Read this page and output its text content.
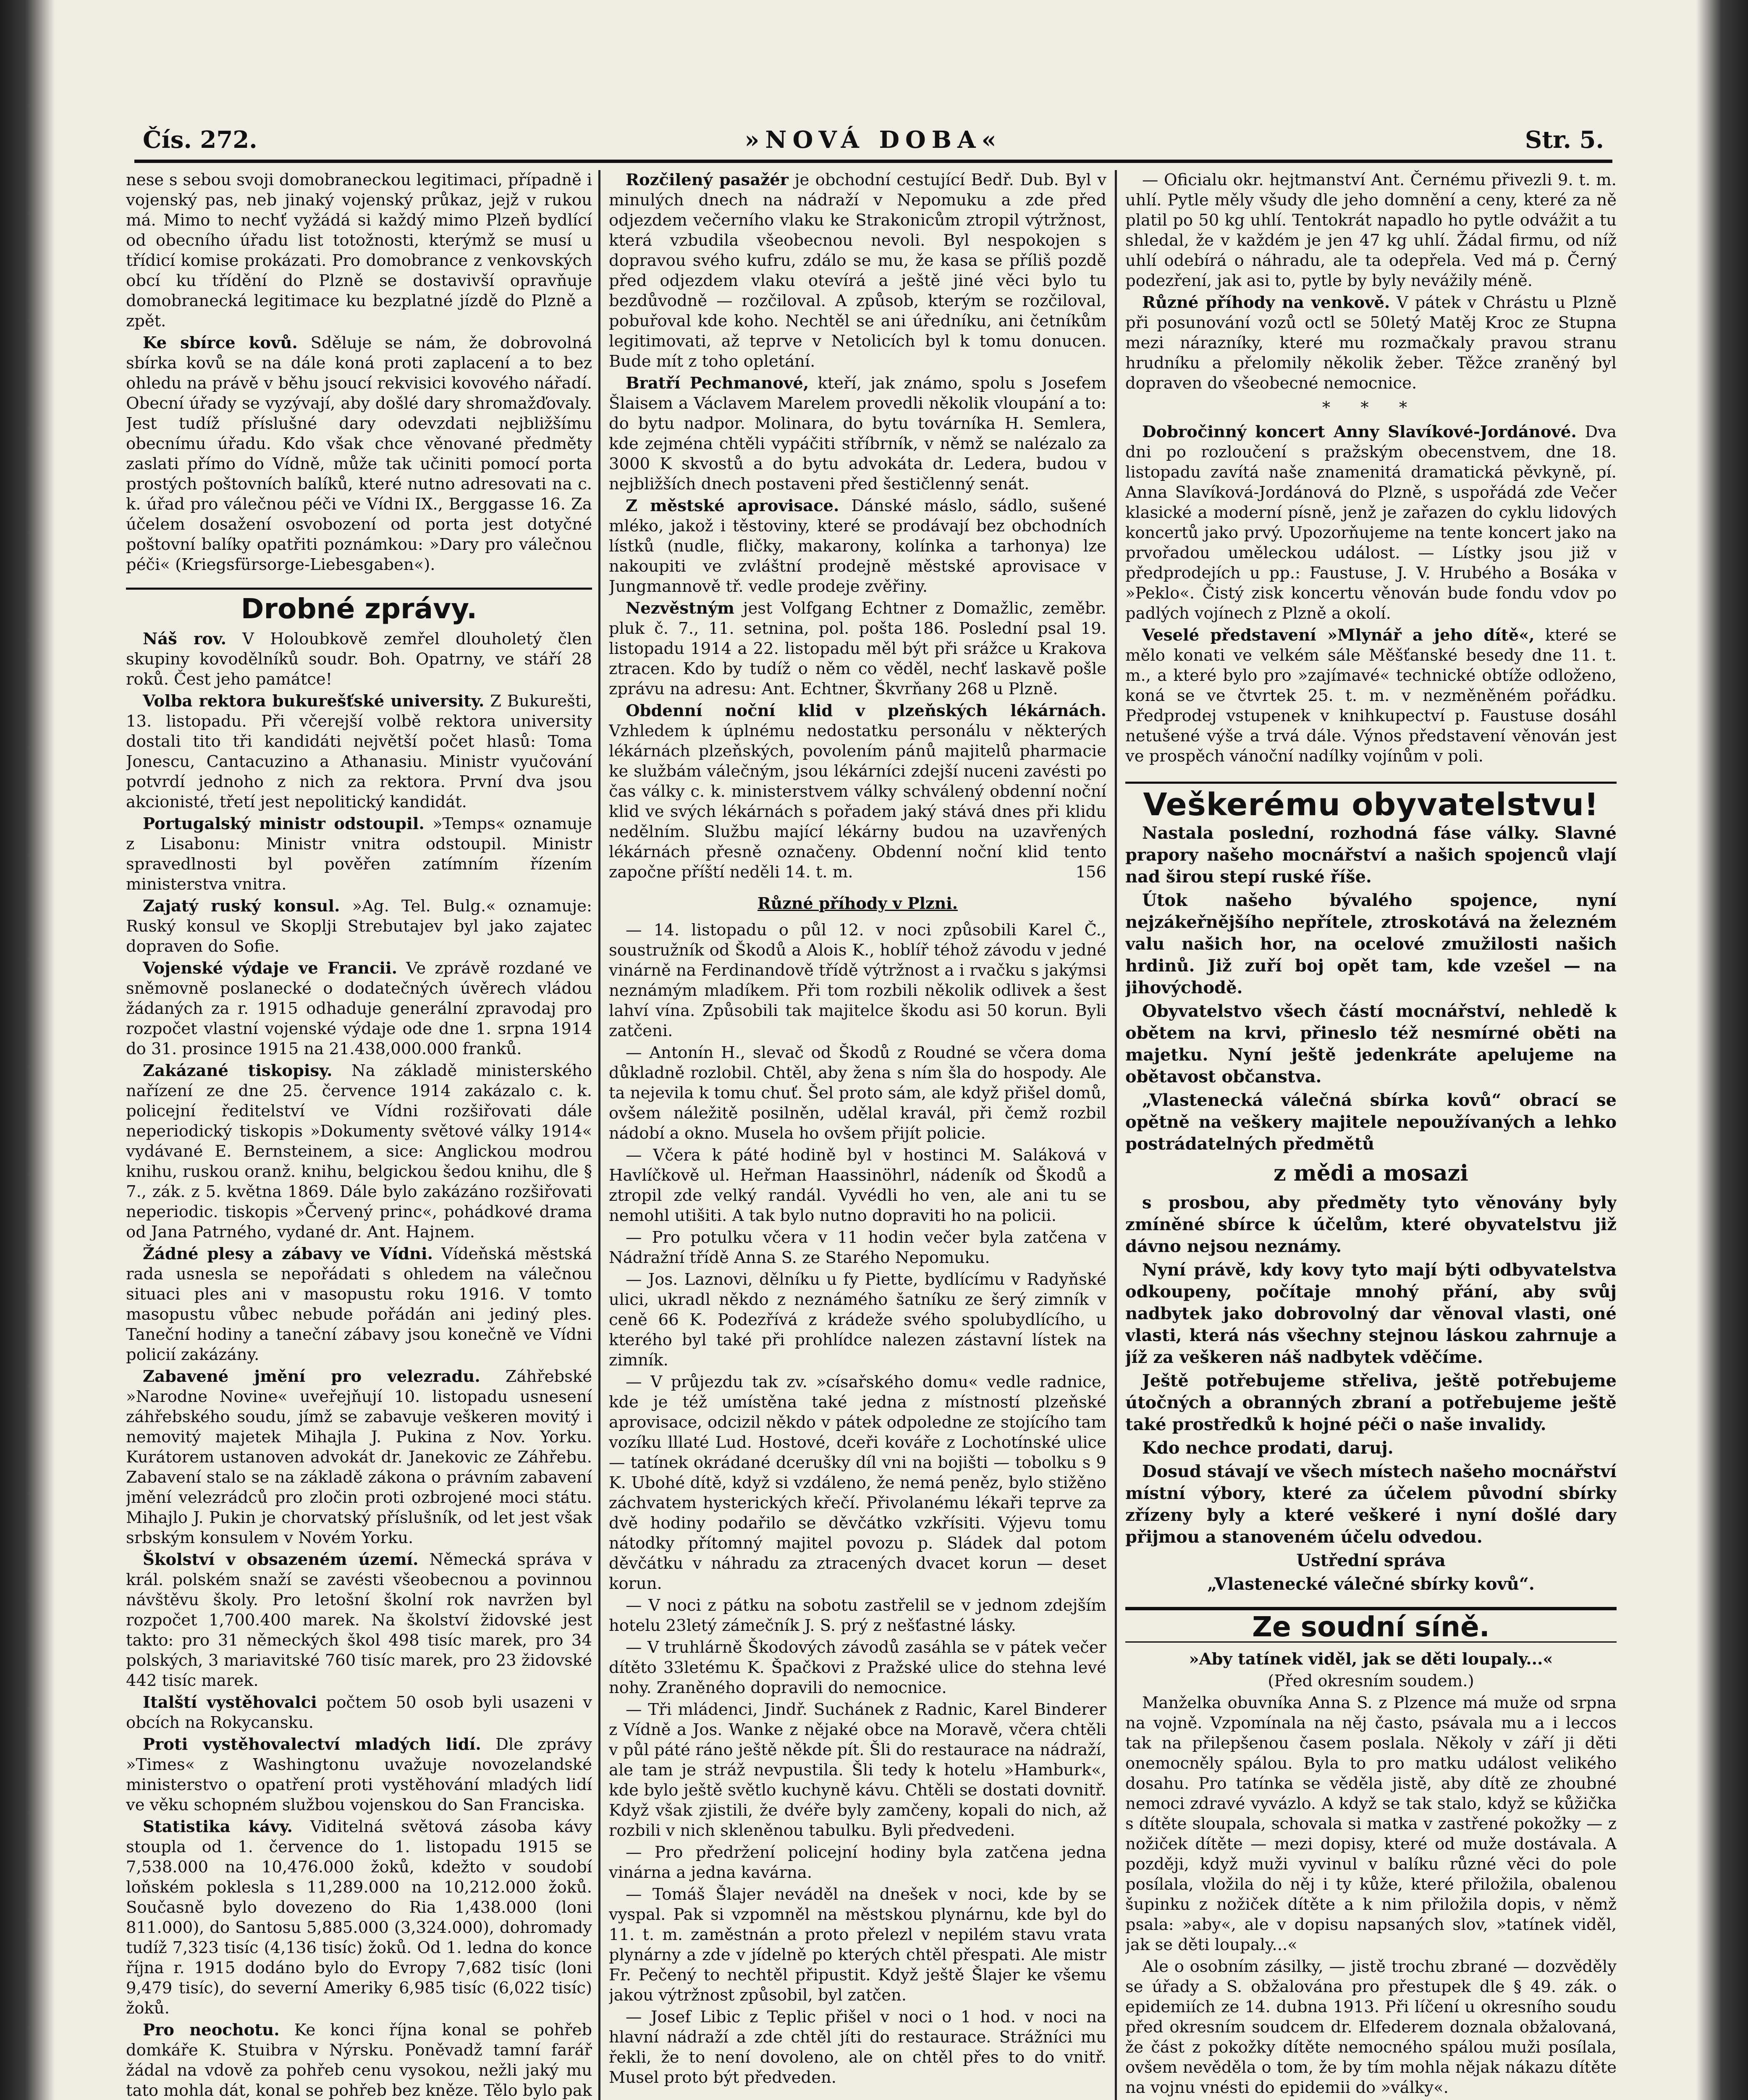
Čís. 272.	»NOVÁ DOBA«	Str. 5.

nese s sebou svoji domobraneckou legitimaci, případně i vojenský pas, neb jinaký vojenský průkaz, jejž v rukou má. Mimo to nechť vyžádá si každý mimo Plzeň bydlící od obecního úřadu list totožnosti, kterýmž se musí u třídicí komise prokázati. Pro domobrance z venkovských obcí ku třídění do Plzně se dostavivší opravňuje domobranecká legitimace ku bezplatné jízdě do Plzně a zpět.

Ke sbírce kovů. Sděluje se nám, že dobrovolná sbírka kovů se na dále koná proti zaplacení a to bez ohledu na právě v běhu jsoucí rekvisici kovového nářadí. Obecní úřady se vyzývají, aby došlé dary shromažďovaly. Jest tudíž příslušné dary odevzdati nejbližšímu obecnímu úřadu. Kdo však chce věnované předměty zaslati přímo do Vídně, může tak učiniti pomocí porta prostých poštovních balíků, které nutno adresovati na c. k. úřad pro válečnou péči ve Vídni IX., Berggasse 16. Za účelem dosažení osvobození od porta jest dotyčné poštovní balíky opatřiti poznámkou: »Dary pro válečnou péči« (Kriegsfürsorge-Liebesgaben«).

Drobné zprávy.

Náš rov. V Holoubkově zemřel dlouholetý člen skupiny kovodělníků soudr. Boh. Opatrny, ve stáří 28 roků. Čest jeho památce!

Volba rektora bukurešťské university. Z Bukurešti, 13. listopadu. Při včerejší volbě rektora university dostali tito tři kandidáti největší počet hlasů: Toma Jonescu, Cantacuzino a Athanasiu. Ministr vyučování potvrdí jednoho z nich za rektora. První dva jsou akcionisté, třetí jest nepolitický kandidát.

Portugalský ministr odstoupil. »Temps« oznamuje z Lisabonu: Ministr vnitra odstoupil. Ministr spravedlnosti byl pověřen zatímním řízením ministerstva vnitra.

Zajatý ruský konsul. »Ag. Tel. Bulg.« oznamuje: Ruský konsul ve Skoplji Strebutajev byl jako zajatec dopraven do Sofie.

Vojenské výdaje ve Francii. Ve zprávě rozdané ve sněmovně poslanecké o dodatečných úvěrech vládou žádaných za r. 1915 odhaduje generální zpravodaj pro rozpočet vlastní vojenské výdaje ode dne 1. srpna 1914 do 31. prosince 1915 na 21.438,000.000 franků.

Zakázané tiskopisy. Na základě ministerského nařízení ze dne 25. července 1914 zakázalo c. k. policejní ředitelství ve Vídni rozšiřovati dále neperiodický tiskopis »Dokumenty světové války 1914« vydávané E. Bernsteinem, a sice: Anglickou modrou knihu, ruskou oranž. knihu, belgickou šedou knihu, dle § 7., zák. z 5. května 1869. Dále bylo zakázáno rozšiřovati neperiodic. tiskopis »Červený princ«, pohádkové drama od Jana Patrného, vydané dr. Ant. Hajnem.

Žádné plesy a zábavy ve Vídni. Vídeňská městská rada usnesla se nepořádati s ohledem na válečnou situaci ples ani v masopustu roku 1916. V tomto masopustu vůbec nebude pořádán ani jediný ples. Taneční hodiny a taneční zábavy jsou konečně ve Vídni policií zakázány.

Zabavené jmění pro velezradu. Záhřebské »Narodne Novine« uveřejňují 10. listopadu usnesení záhřebského soudu, jímž se zabavuje veškeren movitý i nemovitý majetek Mihajla J. Pukina z Nov. Yorku. Kurátorem ustanoven advokát dr. Janekovic ze Záhřebu. Zabavení stalo se na základě zákona o právním zabavení jmění velezrádců pro zločin proti ozbrojené moci státu. Mihajlo J. Pukin je chorvatský příslušník, od let jest však srbským konsulem v Novém Yorku.

Školství v obsazeném území. Německá správa v král. polském snaží se zavésti všeobecnou a povinnou návštěvu školy. Pro letošní školní rok navržen byl rozpočet 1,700.400 marek. Na školství židovské jest takto: pro 31 německých škol 498 tisíc marek, pro 34 polských, 3 mariavitské 760 tisíc marek, pro 23 židovské 442 tisíc marek.

Italští vystěhovalci počtem 50 osob byli usazeni v obcích na Rokycansku.

Proti vystěhovalectví mladých lidí. Dle zprávy »Times« z Washingtonu uvažuje novozelandské ministerstvo o opatření proti vystěhování mladých lidí ve věku schopném službou vojenskou do San Franciska.

Statistika kávy. Viditelná světová zásoba kávy stoupla od 1. července do 1. listopadu 1915 se 7,538.000 na 10,476.000 žoků, kdežto v soudobí loňském poklesla s 11,289.000 na 10,212.000 žoků. Současně bylo dovezeno do Ria 1,438.000 (loni 811.000), do Santosu 5,885.000 (3,324.000), dohromady tudíž 7,323 tisíc (4,136 tisíc) žoků. Od 1. ledna do konce října r. 1915 dodáno bylo do Evropy 7,682 tisíc (loni 9,479 tisíc), do severní Ameriky 6,985 tisíc (6,022 tisíc) žoků.

Pro neochotu. Ke konci října konal se pohřeb domkáře K. Stuibra v Nýrsku. Poněvadž tamní farář žádal na vdově za pohřeb cenu vysokou, nežli jaký mu tato mohla dát, konal se pohřeb bez kněze. Tělo bylo pak

Rozčilený pasažér je obchodní cestující Bedř. Dub. Byl v minulých dnech na nádraží v Nepomuku a zde před odjezdem večerního vlaku ke Strakonicům ztropil výtržnost, která vzbudila všeobecnou nevoli. Byl nespokojen s dopravou svého kufru, zdálo se mu, že kasa se příliš pozdě před odjezdem vlaku otevírá a ještě jiné věci bylo tu bezdůvodně — rozčiloval. A způsob, kterým se rozčiloval, pobuřoval kde koho. Nechtěl se ani úředníku, ani četníkům legitimovati, až teprve v Netolicích byl k tomu donucen. Bude mít z toho opletání.

Bratří Pechmanové, kteří, jak známo, spolu s Josefem Šlaisem a Václavem Marelem provedli několik vloupání a to: do bytu nadpor. Molinara, do bytu továrníka H. Semlera, kde zejména chtěli vypáčiti stříbrník, v němž se nalézalo za 3000 K skvostů a do bytu advokáta dr. Ledera, budou v nejbližších dnech postaveni před šestičlenný senát.

Z městské aprovisace. Dánské máslo, sádlo, sušené mléko, jakož i těstoviny, které se prodávají bez obchodních lístků (nudle, fličky, makarony, kolínka a tarhonya) lze nakoupiti ve zvláštní prodejně městské aprovisace v Jungmannově tř. vedle prodeje zvěřiny.

Nezvěstným jest Volfgang Echtner z Domažlic, zeměbr. pluk č. 7., 11. setnina, pol. pošta 186. Poslední psal 19. listopadu 1914 a 22. listopadu měl být při srážce u Krakova ztracen. Kdo by tudíž o něm co věděl, nechť laskavě pošle zprávu na adresu: Ant. Echtner, Škvrňany 268 u Plzně.

Obdenní noční klid v plzeňských lékárnách. Vzhledem k úplnému nedostatku personálu v některých lékárnách plzeňských, povolením pánů majitelů pharmacie ke službám válečným, jsou lékárníci zdejší nuceni zavésti po čas války c. k. ministerstvem války schválený obdenní noční klid ve svých lékárnách s pořadem jaký stává dnes při klidu nedělním. Službu mající lékárny budou na uzavřených lékárnách přesně označeny. Obdenní noční klid tento započne příští neděli 14. t. m.	156

Různé příhody v Plzni.

— 14. listopadu o půl 12. v noci způsobili Karel Č., soustružník od Škodů a Alois K., hoblíř téhož závodu v jedné vinárně na Ferdinandově třídě výtržnost a i rvačku s jakýmsi neznámým mladíkem. Při tom rozbili několik odlivek a šest lahví vína. Způsobili tak majitelce škodu asi 50 korun. Byli zatčeni.

— Antonín H., slevač od Škodů z Roudné se včera doma důkladně rozlobil. Chtěl, aby žena s ním šla do hospody. Ale ta nejevila k tomu chuť. Šel proto sám, ale když přišel domů, ovšem náležitě posilněn, udělal kravál, při čemž rozbil nádobí a okno. Musela ho ovšem přijít policie.

— Včera k páté hodině byl v hostinci M. Saláková v Havlíčkově ul. Heřman Haassinöhrl, nádeník od Škodů a ztropil zde velký randál. Vyvédli ho ven, ale ani tu se nemohl utišiti. A tak bylo nutno dopraviti ho na policii.

— Pro potulku včera v 11 hodin večer byla zatčena v Nádražní třídě Anna S. ze Starého Nepomuku.

— Jos. Laznovi, dělníku u fy Piette, bydlícímu v Radyňské ulici, ukradl někdo z neznámého šatníku ze šerý zimník v ceně 66 K. Podezřívá z krádeže svého spolubydlícího, u kterého byl také při prohlídce nalezen zástavní lístek na zimník.

— V průjezdu tak zv. »císařského domu« vedle radnice, kde je též umístěna také jedna z místností plzeňské aprovisace, odcizil někdo v pátek odpoledne ze stojícího tam vozíku lllaté Lud. Hostové, dceři kováře z Lochotínské ulice — tatínek okrádané dcerušky díl vni na bojišti — tobolku s 9 K. Ubohé dítě, když si vzdáleno, že nemá peněz, bylo stižěno záchvatem hysterických křečí. Přivolanému lékaři teprve za dvě hodiny podařilo se děvčátko vzkřísiti. Výjevu tomu nátodky přítomný majitel povozu p. Sládek dal potom děvčátku v náhradu za ztracených dvacet korun — deset korun.

— V noci z pátku na sobotu zastřelil se v jednom zdejším hotelu 23letý zámečník J. S. prý z nešťastné lásky.

— V truhlárně Škodových závodů zasáhla se v pátek večer dítěto 33letému K. Špačkovi z Pražské ulice do stehna levé nohy. Zraněného dopravili do nemocnice.

— Tři mládenci, Jindř. Suchánek z Radnic, Karel Binderer z Vídně a Jos. Wanke z nějaké obce na Moravě, včera chtěli v půl páté ráno ještě někde pít. Šli do restaurace na nádraží, ale tam je stráž nevpustila. Šli tedy k hotelu »Hamburk«, kde bylo ještě světlo kuchyně kávu. Chtěli se dostati dovnitř. Když však zjistili, že dvéře byly zamčeny, kopali do nich, až rozbili v nich skleněnou tabulku. Byli předvedeni.

— Pro předržení policejní hodiny byla zatčena jedna vinárna a jedna kavárna.

— Tomáš Šlajer neváděl na dnešek v noci, kde by se vyspal. Pak si vzpomněl na městskou plynárnu, kde byl do 11. t. m. zaměstnán a proto přelezl v nepilém stavu vrata plynárny a zde v jídelně po kterých chtěl přespati. Ale mistr Fr. Pečený to nechtěl připustit. Když ještě Šlajer ke všemu jakou výtržnost způsobil, byl zatčen.

— Josef Libic z Teplic přišel v noci o 1 hod. v noci na hlavní nádraží a zde chtěl jíti do restaurace. Strážníci mu řekli, že to není dovoleno, ale on chtěl přes to do vnitř. Musel proto být předveden.

— Oficialu okr. hejtmanství Ant. Černému přivezli 9. t. m. uhlí. Pytle měly všudy dle jeho domnění a ceny, které za ně platil po 50 kg uhlí. Tentokrát napadlo ho pytle odvážit a tu shledal, že v každém je jen 47 kg uhlí. Žádal firmu, od níž uhlí odebírá o náhradu, ale ta odepřela. Ved má p. Černý podezření, jak asi to, pytle by byly nevážily méně.

Různé příhody na venkově. V pátek v Chrástu u Plzně při posunování vozů octl se 50letý Matěj Kroc ze Stupna mezi nárazníky, které mu rozmačkaly pravou stranu hrudníku a přelomily několik žeber. Těžce zraněný byl dopraven do všeobecné nemocnice.

* * *

Dobročinný koncert Anny Slavíkové-Jordánové. Dva dni po rozloučení s pražským obecenstvem, dne 18. listopadu zavítá naše znamenitá dramatická pěvkyně, pí. Anna Slavíková-Jordánová do Plzně, s uspořádá zde Večer klasické a moderní písně, jenž je zařazen do cyklu lidových koncertů jako prvý. Upozorňujeme na tente koncert jako na prvořadou uměleckou událost. — Lístky jsou již v předprodejích u pp.: Faustuse, J. V. Hrubého a Bosáka v »Peklo«. Čistý zisk koncertu věnován bude fondu vdov po padlých vojínech z Plzně a okolí.

Veselé představení »Mlynář a jeho dítě«, které se mělo konati ve velkém sále Měšťanské besedy dne 11. t. m., a které bylo pro »zajímavé« technické obtíže odloženo, koná se ve čtvrtek 25. t. m. v nezměněném pořádku. Předprodej vstupenek v knihkupectví p. Faustuse dosáhl netušené výše a trvá dále. Výnos představení věnován jest ve prospěch vánoční nadílky vojínům v poli.

Veškerému obyvatelstvu!

Nastala poslední, rozhodná fáse války. Slavné prapory našeho mocnářství a našich spojenců vlají nad širou stepí ruské říše.

Útok našeho bývalého spojence, nyní nejzákeřnějšího nepřítele, ztroskotává na železném valu našich hor, na ocelové zmužilosti našich hrdinů. Již zuří boj opět tam, kde vzešel — na jihovýchodě.

Obyvatelstvo všech částí mocnářství, nehledě k obětem na krvi, přineslo též nesmírné oběti na majetku. Nyní ještě jedenkráte apelujeme na obětavost občanstva.

„Vlastenecká válečná sbírka kovů“ obrací se opětně na veškery majitele nepoužívaných a lehko postrádatelných předmětů

z mědi a mosazi

s prosbou, aby předměty tyto věnovány byly zmíněné sbírce k účelům, které obyvatelstvu již dávno nejsou neznámy.

Nyní právě, kdy kovy tyto mají býti odbyvatelstva odkoupeny, počítaje mnohý přání, aby svůj nadbytek jako dobrovolný dar věnoval vlasti, oné vlasti, která nás všechny stejnou láskou zahrnuje a jíž za veškeren náš nadbytek vděčíme.

Ještě potřebujeme střeliva, ještě potřebujeme útočných a obranných zbraní a potřebujeme ještě také prostředků k hojné péči o naše invalidy.

Kdo nechce prodati, daruj.

Dosud stávají ve všech místech našeho mocnářství místní výbory, které za účelem původní sbírky zřízeny byly a které veškeré i nyní došlé dary přijmou a stanoveném účelu odvedou.

Ustřední správa

„Vlastenecké válečné sbírky kovů“.

Ze soudní síně.

»Aby tatínek viděl, jak se děti loupaly...«

(Před okresním soudem.)

Manželka obuvníka Anna S. z Plzence má muže od srpna na vojně. Vzpomínala na něj často, psávala mu a i leccos tak na přilepšenou časem poslala. Několy v září ji děti onemocněly spálou. Byla to pro matku událost velikého dosahu. Pro tatínka se věděla jistě, aby dítě ze zhoubné nemoci zdravé vyvázlo. A když se tak stalo, když se kůžička s dítěte sloupala, schovala si matka v zastřené pokožky — z nožiček dítěte — mezi dopisy, které od muže dostávala. A později, když muži vyvinul v balíku různé věci do pole posílala, vložila do něj i ty kůže, které přiložila, obalenou šupinku z nožiček dítěte a k nim přiložila dopis, v němž psala: »aby«, ale v dopisu napsaných slov, »tatínek viděl, jak se děti loupaly...«

Ale o osobním zásilky, — jistě trochu zbrané — dozvěděly se úřady a S. obžalována pro přestupek dle § 49. zák. o epidemiích ze 14. dubna 1913. Při líčení u okresního soudu před okresním soudcem dr. Elfederem doznala obžalovaná, že část z pokožky dítěte nemocného spálou muži posílala, ovšem nevěděla o tom, že by tím mohla nějak nákazu dítěte na vojnu vnésti do epidemii do »války«.
